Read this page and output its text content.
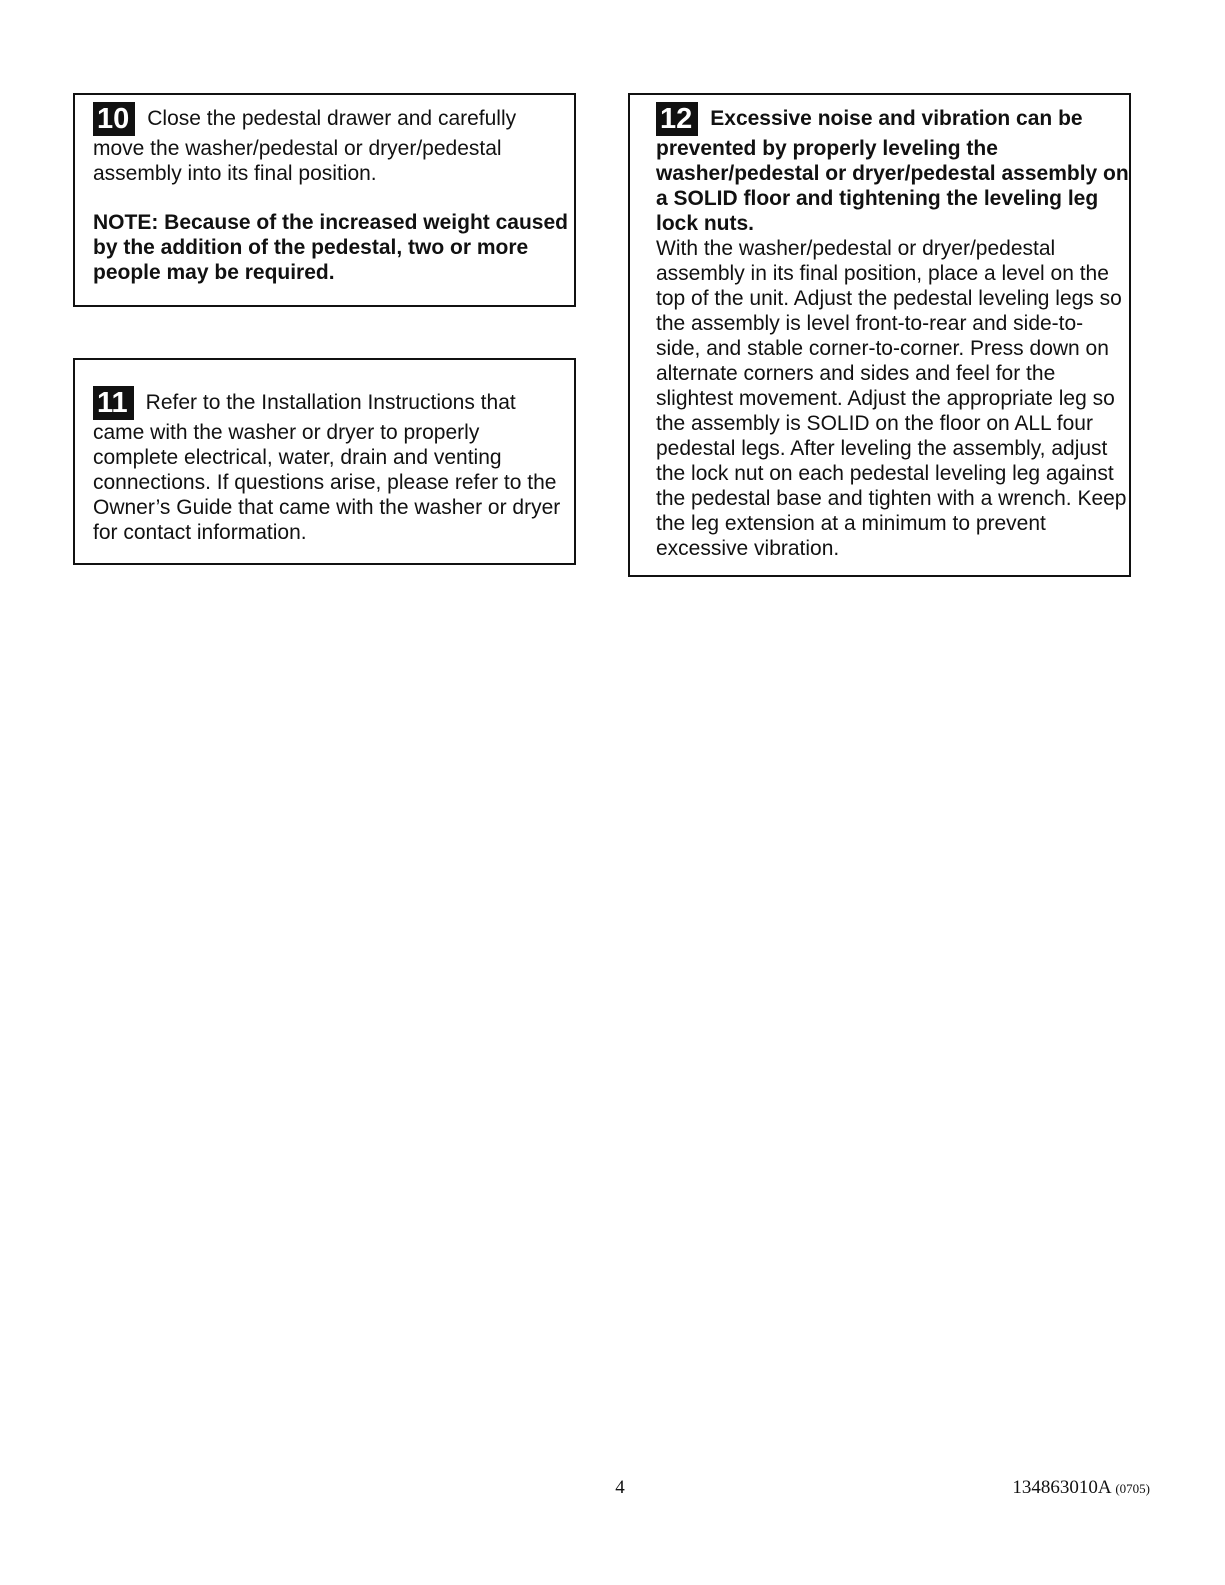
10 Close the pedestal drawer and carefully move the washer/pedestal or dryer/pedestal assembly into its final position.

NOTE: Because of the increased weight caused by the addition of the pedestal, two or more people may be required.

11 Refer to the Installation Instructions that came with the washer or dryer to properly complete electrical, water, drain and venting connections. If questions arise, please refer to the Owner’s Guide that came with the washer or dryer for contact information.

12 Excessive noise and vibration can be prevented by properly leveling the washer/pedestal or dryer/pedestal assembly on a SOLID floor and tightening the leveling leg lock nuts.

With the washer/pedestal or dryer/pedestal assembly in its final position, place a level on the top of the unit. Adjust the pedestal leveling legs so the assembly is level front-to-rear and side-to-side, and stable corner-to-corner. Press down on alternate corners and sides and feel for the slightest movement. Adjust the appropriate leg so the assembly is SOLID on the floor on ALL four pedestal legs. After leveling the assembly, adjust the lock nut on each pedestal leveling leg against the pedestal base and tighten with a wrench. Keep the leg extension at a minimum to prevent excessive vibration.

4	134863010A (0705)
